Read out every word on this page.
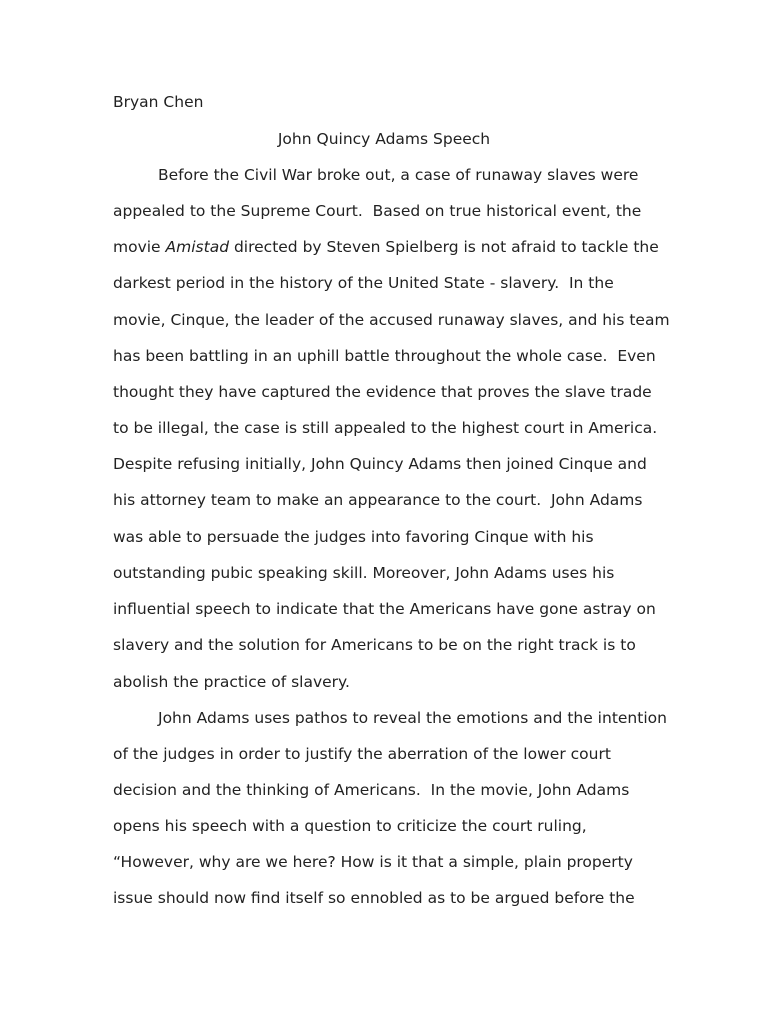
Bryan Chen

John Quincy Adams Speech

Before the Civil War broke out, a case of runaway slaves were

appealed to the Supreme Court.  Based on true historical event, the

movie Amistad directed by Steven Spielberg is not afraid to tackle the

darkest period in the history of the United State - slavery.  In the

movie, Cinque, the leader of the accused runaway slaves, and his team

has been battling in an uphill battle throughout the whole case.  Even

thought they have captured the evidence that proves the slave trade

to be illegal, the case is still appealed to the highest court in America.

Despite refusing initially, John Quincy Adams then joined Cinque and

his attorney team to make an appearance to the court.  John Adams

was able to persuade the judges into favoring Cinque with his

outstanding pubic speaking skill. Moreover, John Adams uses his

influential speech to indicate that the Americans have gone astray on

slavery and the solution for Americans to be on the right track is to

abolish the practice of slavery.

John Adams uses pathos to reveal the emotions and the intention

of the judges in order to justify the aberration of the lower court

decision and the thinking of Americans.  In the movie, John Adams

opens his speech with a question to criticize the court ruling,

“However, why are we here? How is it that a simple, plain property

issue should now find itself so ennobled as to be argued before the
